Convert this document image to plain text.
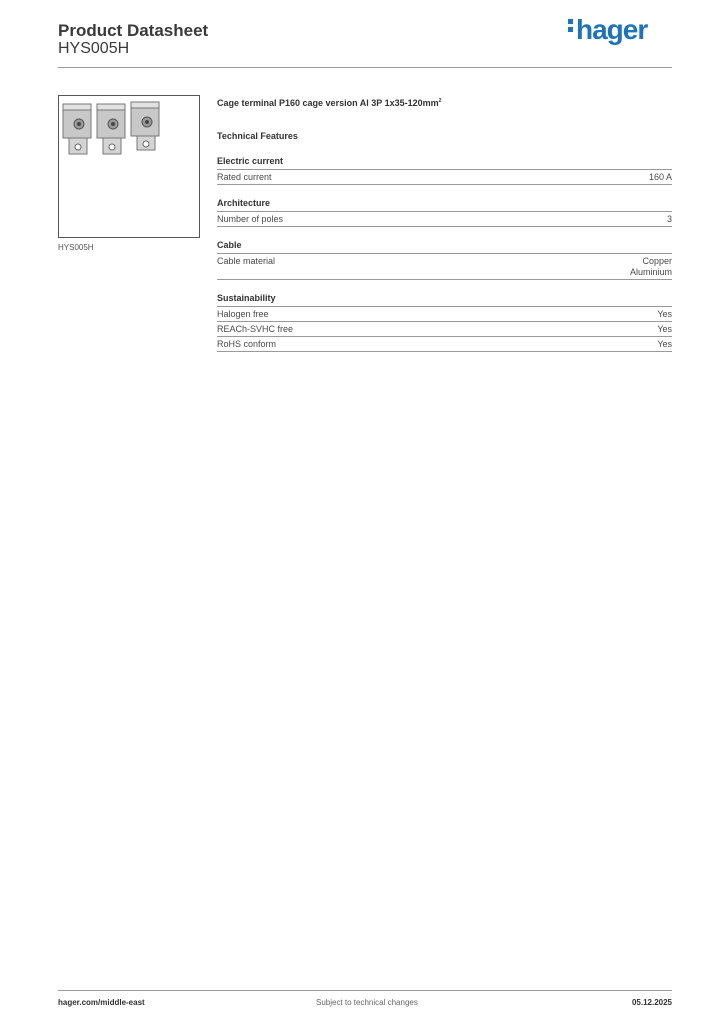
Product Datasheet
HYS005H
hager
HYS005H
Cage terminal P160 cage version Al 3P $1x35-120mm^2$
Technical Features
Electric current
Rated current	160 A
Architecture
Number of poles	3
Cable
Cable material	Copper
Aluminium
Sustainability
Halogen free	Yes
REACh-SVHC free	Yes
RoHS conform	Yes
hager.com/middle-east	Subject to technical changes	05.12.2025
